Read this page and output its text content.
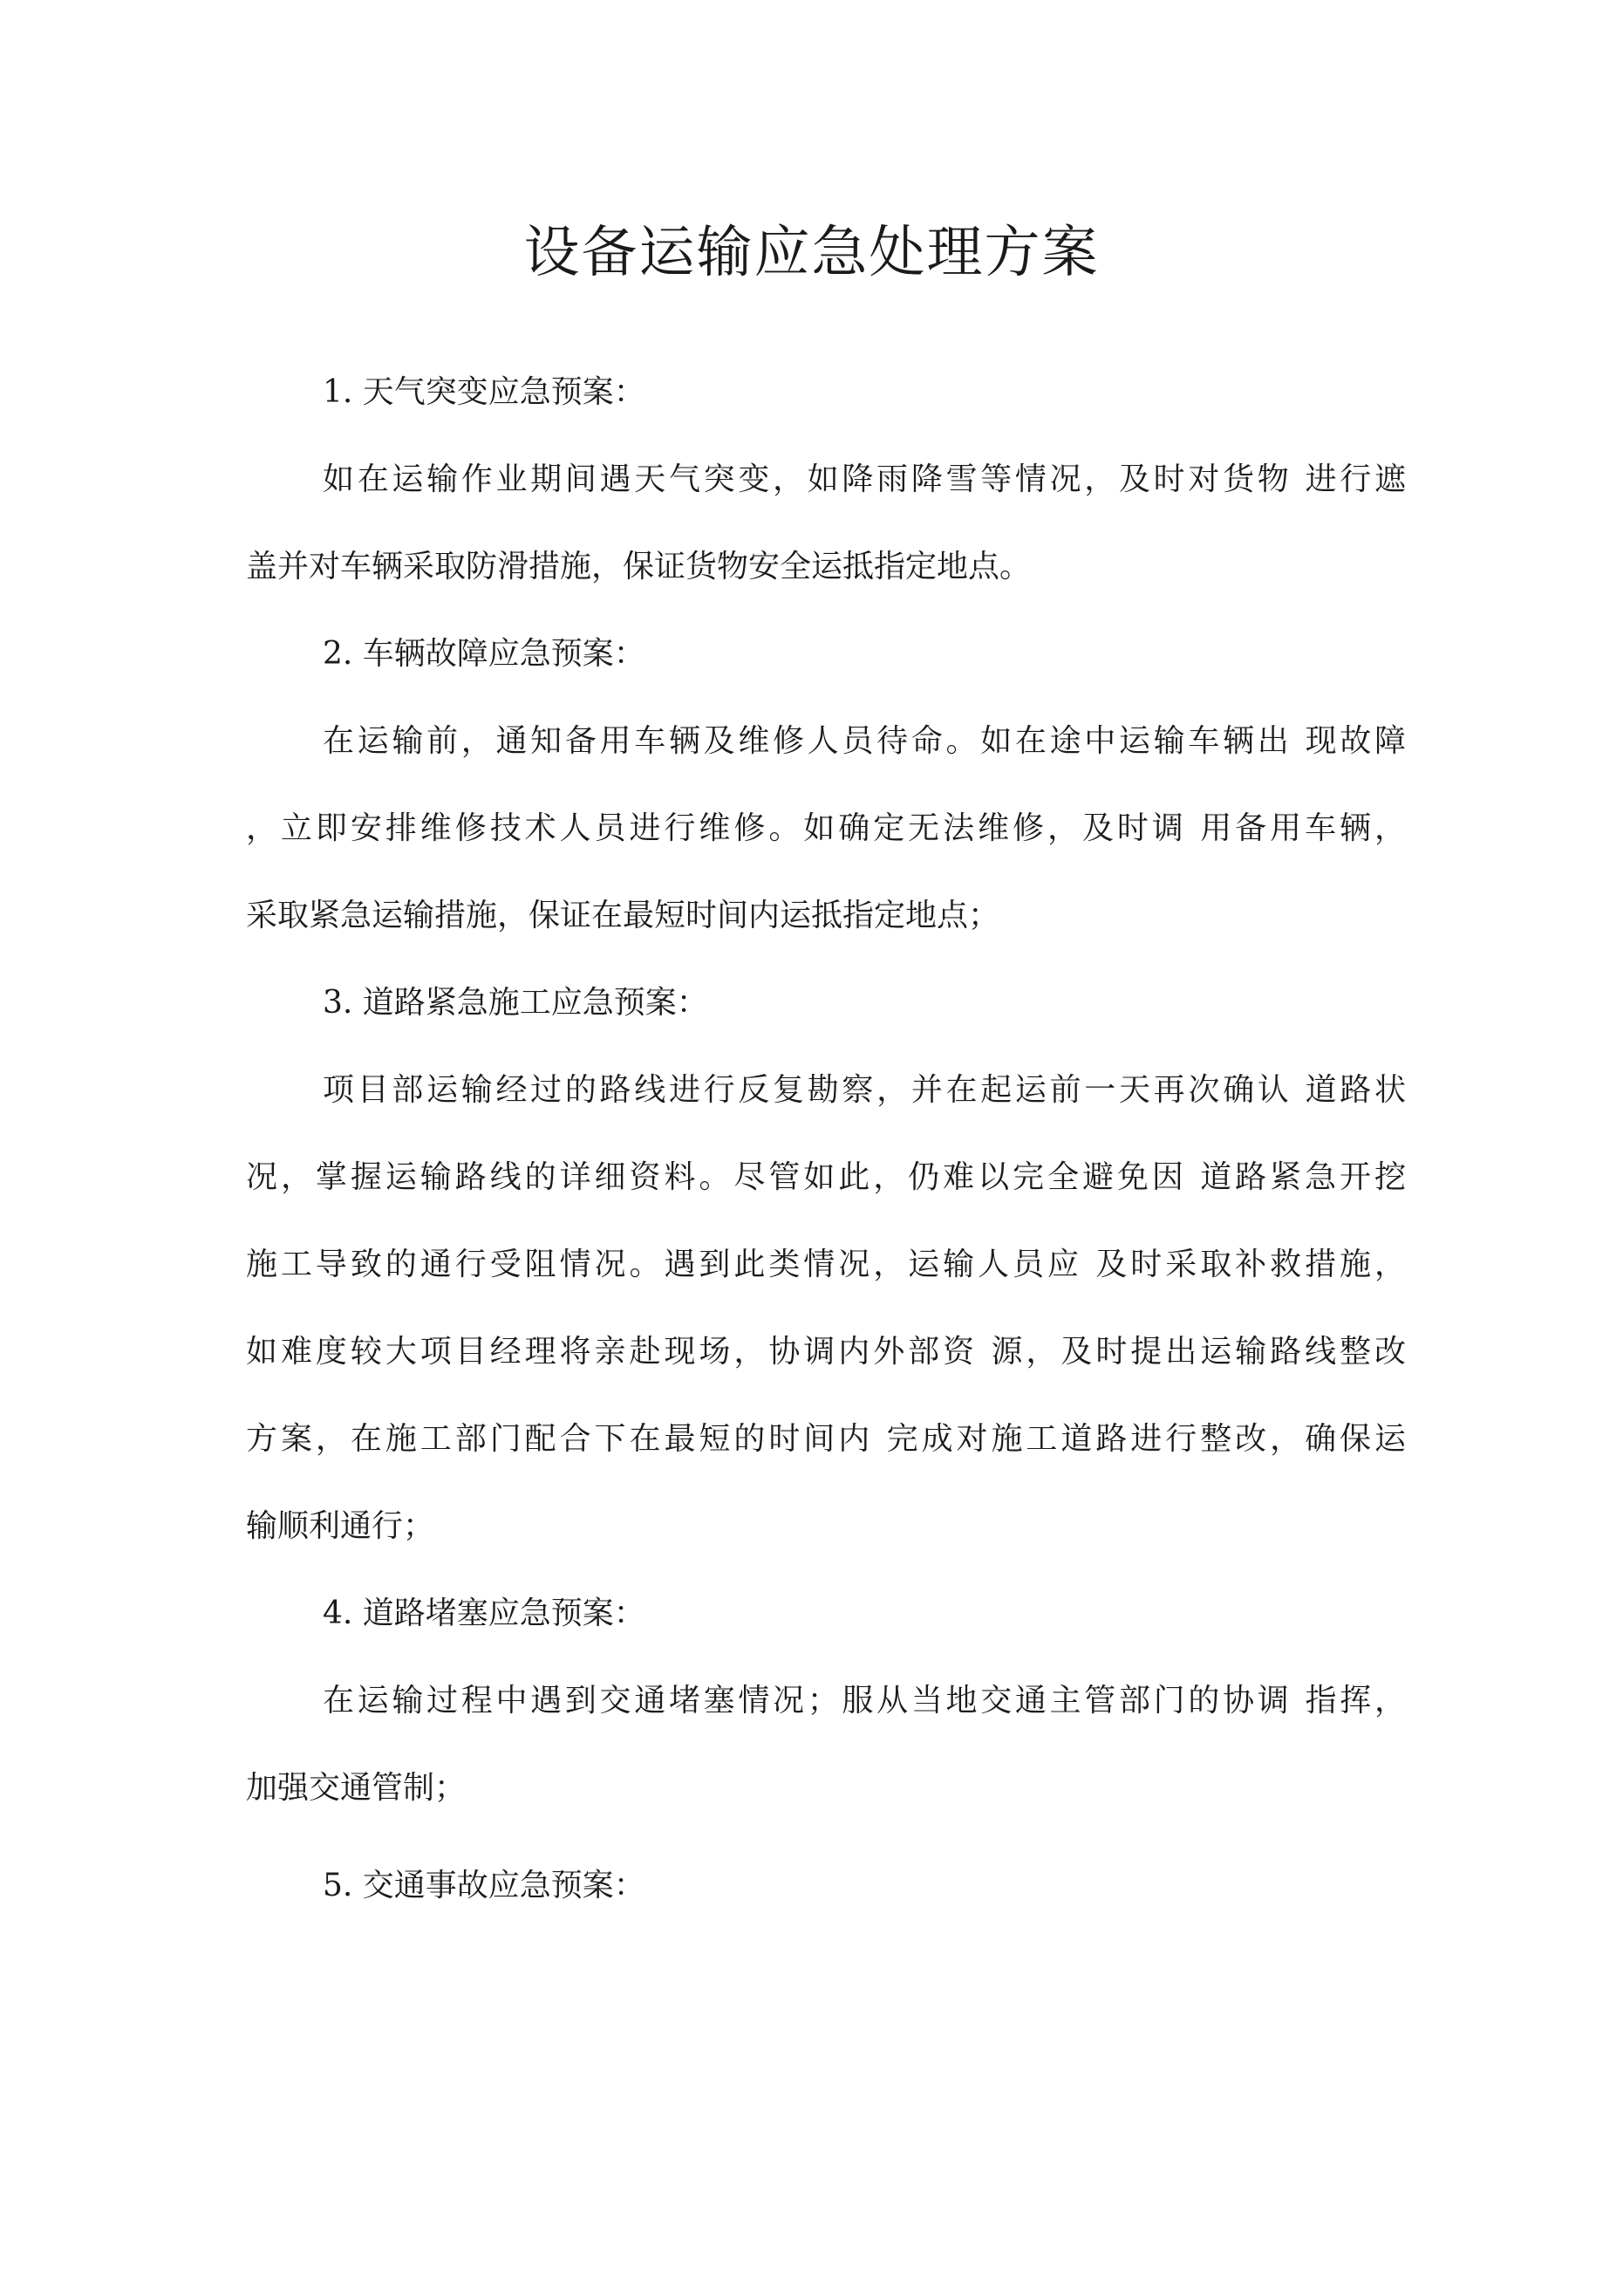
设备运输应急处理方案

1. 天气突变应急预案：

如在运输作业期间遇天气突变，如降雨降雪等情况，及时对货物 进行遮
盖并对车辆采取防滑措施，保证货物安全运抵指定地点。

2. 车辆故障应急预案：

在运输前，通知备用车辆及维修人员待命。如在途中运输车辆出 现故障
，立即安排维修技术人员进行维修。如确定无法维修，及时调 用备用车辆，
采取紧急运输措施，保证在最短时间内运抵指定地点；

3. 道路紧急施工应急预案：

项目部运输经过的路线进行反复勘察，并在起运前一天再次确认 道路状
况，掌握运输路线的详细资料。尽管如此，仍难以完全避免因 道路紧急开挖
施工导致的通行受阻情况。遇到此类情况，运输人员应 及时采取补救措施，
如难度较大项目经理将亲赴现场，协调内外部资 源，及时提出运输路线整改
方案，在施工部门配合下在最短的时间内 完成对施工道路进行整改，确保运
输顺利通行；

4. 道路堵塞应急预案：

在运输过程中遇到交通堵塞情况；服从当地交通主管部门的协调 指挥，
加强交通管制；

5. 交通事故应急预案：
